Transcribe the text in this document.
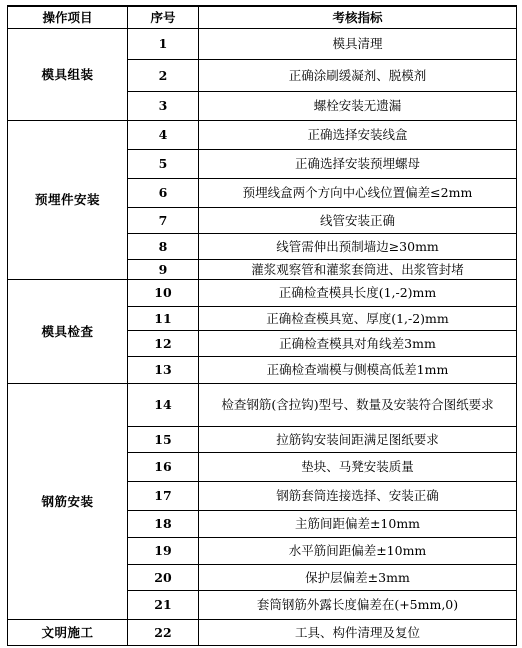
操作项目	序号	考核指标
模具组装	1	模具清理
	2	正确涂刷缓凝剂、脱模剂
	3	螺栓安装无遗漏
预埋件安装	4	正确选择安装线盒
	5	正确选择安装预埋螺母
	6	预埋线盒两个方向中心线位置偏差≤2mm
	7	线管安装正确
	8	线管需伸出预制墙边≥30mm
	9	灌浆观察管和灌浆套筒进、出浆管封堵
模具检查	10	正确检查模具长度(1,-2)mm
	11	正确检查模具宽、厚度(1,-2)mm
	12	正确检查模具对角线差3mm
	13	正确检查端模与侧模高低差1mm
钢筋安装	14	检查钢筋(含拉钩)型号、数量及安装符合图纸要求
	15	拉筋钩安装间距满足图纸要求
	16	垫块、马凳安装质量
	17	钢筋套筒连接选择、安装正确
	18	主筋间距偏差±10mm
	19	水平筋间距偏差±10mm
	20	保护层偏差±3mm
	21	套筒钢筋外露长度偏差在(+5mm,0)
文明施工	22	工具、构件清理及复位
